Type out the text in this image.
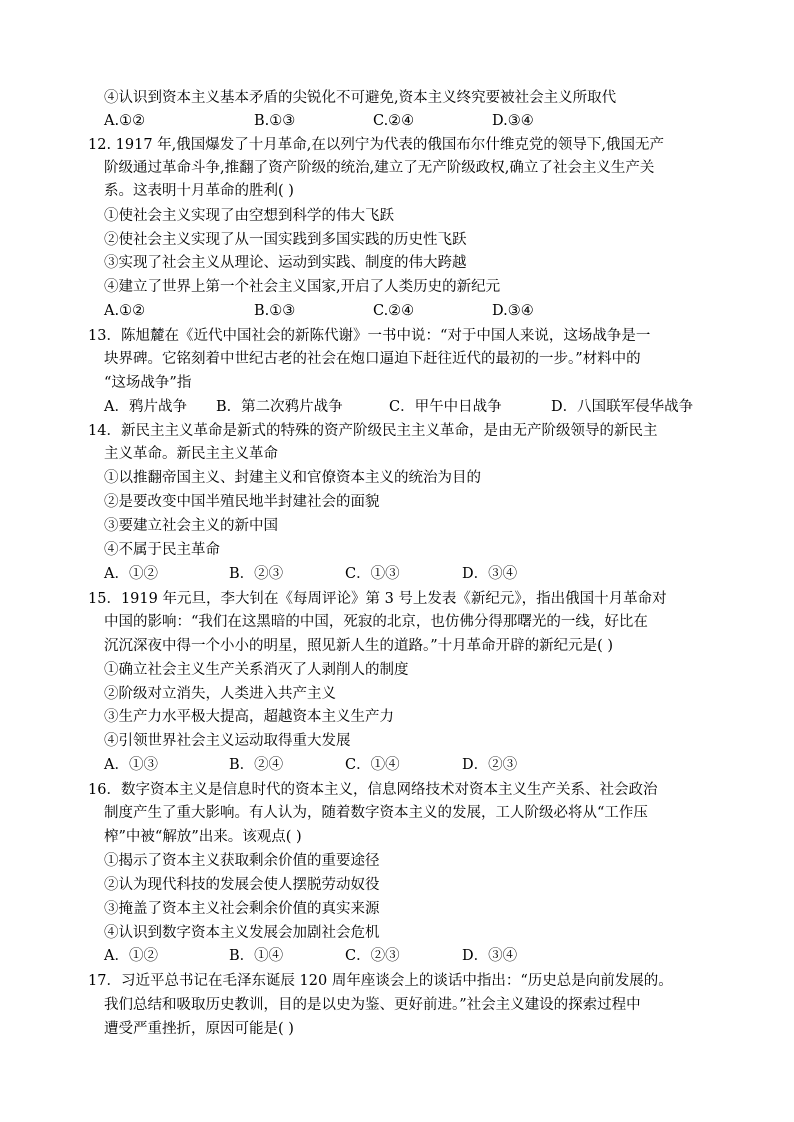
④认识到资本主义基本矛盾的尖锐化不可避免,资本主义终究要被社会主义所取代
A.①②	B.①③	C.②④	D.③④
12. 1917 年,俄国爆发了十月革命,在以列宁为代表的俄国布尔什维克党的领导下,俄国无产
阶级通过革命斗争,推翻了资产阶级的统治,建立了无产阶级政权,确立了社会主义生产关
系。这表明十月革命的胜利( )
①使社会主义实现了由空想到科学的伟大飞跃
②使社会主义实现了从一国实践到多国实践的历史性飞跃
③实现了社会主义从理论、运动到实践、制度的伟大跨越
④建立了世界上第一个社会主义国家,开启了人类历史的新纪元
A.①②	B.①③	C.②④	D.③④
13．陈旭麓在《近代中国社会的新陈代谢》一书中说：“对于中国人来说，这场战争是一
块界碑。它铭刻着中世纪古老的社会在炮口逼迫下赶往近代的最初的一步。”材料中的
“这场战争”指
A．鸦片战争 B．第二次鸦片战争	C．甲午中日战争	D．八国联军侵华战争
14．新民主主义革命是新式的特殊的资产阶级民主主义革命，是由无产阶级领导的新民主
主义革命。新民主主义革命
①以推翻帝国主义、封建主义和官僚资本主义的统治为目的
②是要改变中国半殖民地半封建社会的面貌
③要建立社会主义的新中国
④不属于民主革命
A．①②	B．②③	C．①③	D．③④
15．1919 年元旦，李大钊在《每周评论》第 3 号上发表《新纪元》，指出俄国十月革命对
中国的影响：“我们在这黑暗的中国，死寂的北京，也仿佛分得那曙光的一线，好比在
沉沉深夜中得一个小小的明星，照见新人生的道路。”十月革命开辟的新纪元是( )
①确立社会主义生产关系消灭了人剥削人的制度
②阶级对立消失，人类进入共产主义
③生产力水平极大提高，超越资本主义生产力
④引领世界社会主义运动取得重大发展
A．①③	B．②④	C．①④	D．②③
16．数字资本主义是信息时代的资本主义，信息网络技术对资本主义生产关系、社会政治
制度产生了重大影响。有人认为，随着数字资本主义的发展，工人阶级必将从“工作压
榨”中被“解放”出来。该观点( )
①揭示了资本主义获取剩余价值的重要途径
②认为现代科技的发展会使人摆脱劳动奴役
③掩盖了资本主义社会剩余价值的真实来源
④认识到数字资本主义发展会加剧社会危机
A．①②	B．①④	C．②③	D．③④
17．习近平总书记在毛泽东诞辰 120 周年座谈会上的谈话中指出：“历史总是向前发展的。
我们总结和吸取历史教训，目的是以史为鉴、更好前进。”社会主义建设的探索过程中
遭受严重挫折，原因可能是( )
